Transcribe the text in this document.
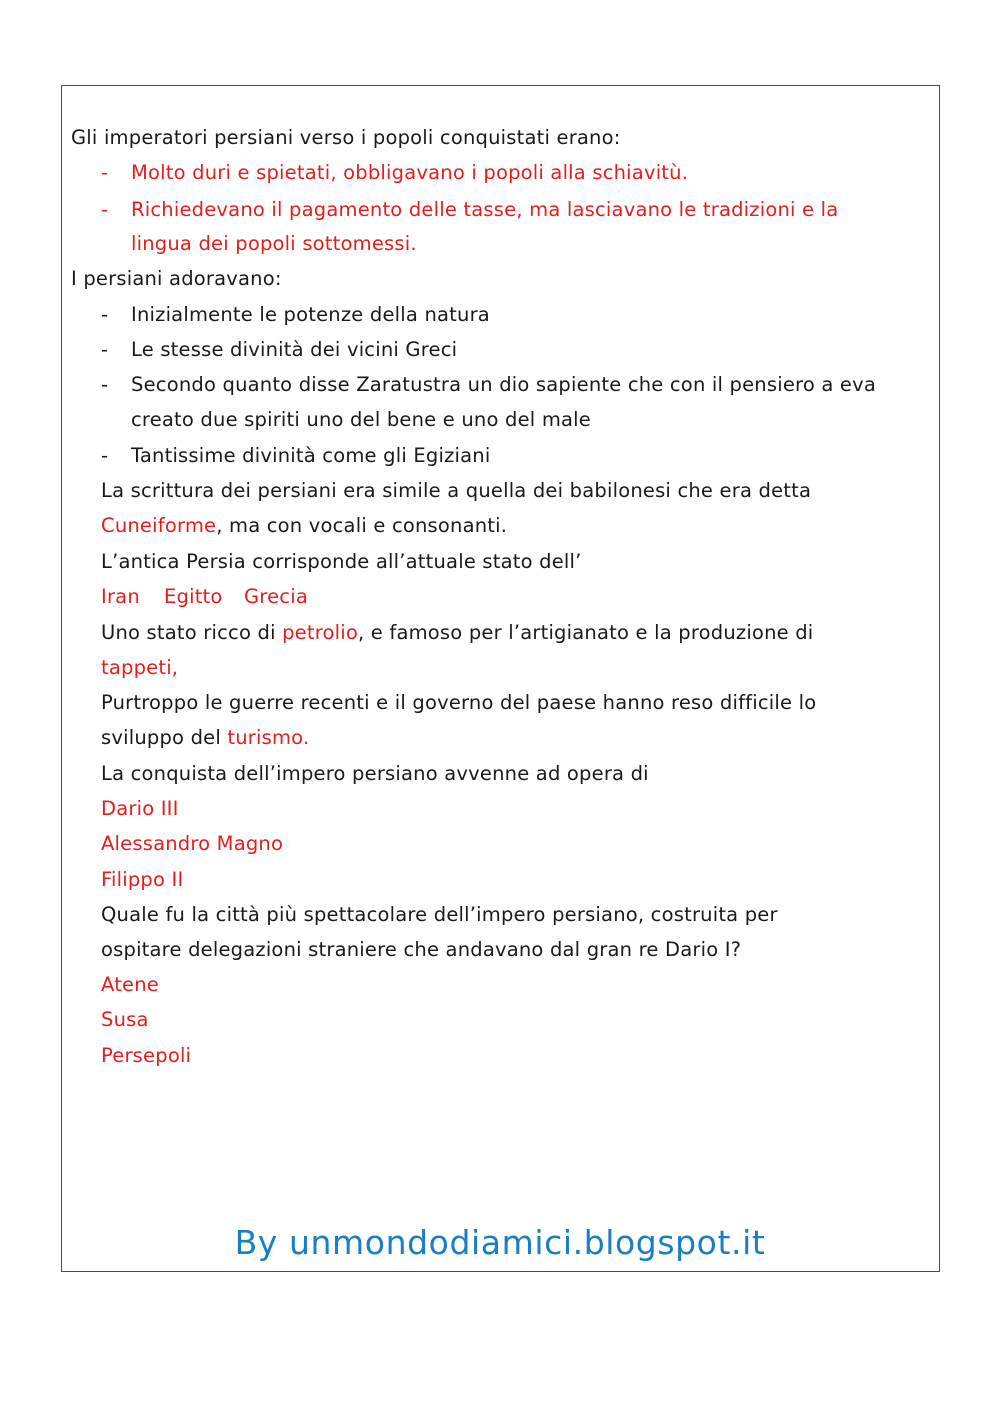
Gli imperatori persiani verso i popoli conquistati erano:
- Molto duri e spietati, obbligavano i popoli alla schiavitù.
- Richiedevano il pagamento delle tasse, ma lasciavano le tradizioni e la
lingua dei popoli sottomessi.
I persiani adoravano:
- Inizialmente le potenze della natura
- Le stesse divinità dei vicini Greci
- Secondo quanto disse Zaratustra un dio sapiente che con il pensiero a eva
creato due spiriti uno del bene e uno del male
- Tantissime divinità come gli Egiziani
La scrittura dei persiani era simile a quella dei babilonesi che era detta
Cuneiforme, ma con vocali e consonanti.
L’antica Persia corrisponde all’attuale stato dell’
Iran Egitto Grecia
Uno stato ricco di petrolio, e famoso per l’artigianato e la produzione di
tappeti,
Purtroppo le guerre recenti e il governo del paese hanno reso difficile lo
sviluppo del turismo.
La conquista dell’impero persiano avvenne ad opera di
Dario III
Alessandro Magno
Filippo II
Quale fu la città più spettacolare dell’impero persiano, costruita per
ospitare delegazioni straniere che andavano dal gran re Dario I?
Atene
Susa
Persepoli
By unmondodiamici.blogspot.it
